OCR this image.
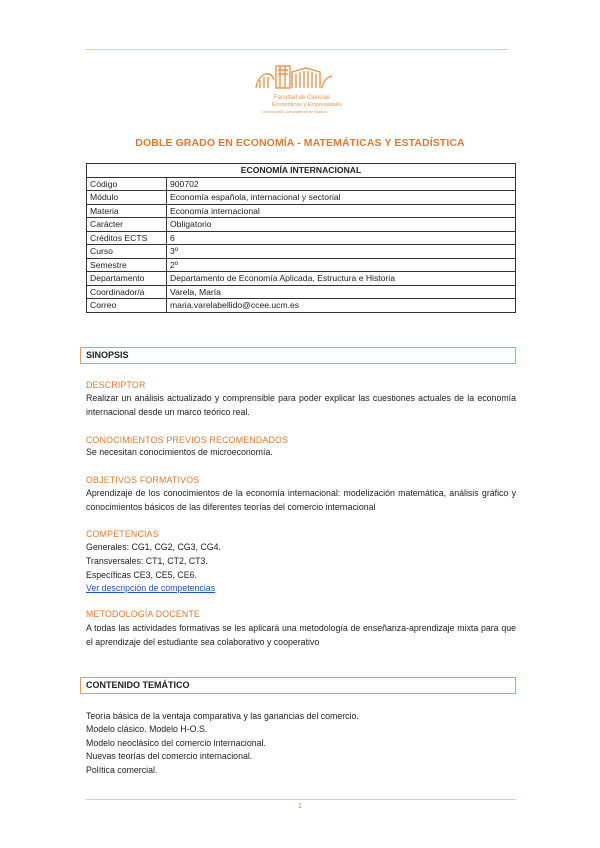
Facultad de Ciencias
Económicas y Empresariales
Universidad Complutense de Madrid
DOBLE GRADO EN ECONOMÍA - MATEMÁTICAS Y ESTADÍSTICA
ECONOMÍA INTERNACIONAL	
Código	900702
Módulo	Economía española, internacional y sectorial
Materia	Economía internacional
Carácter	Obligatorio
Créditos ECTS	6
Curso	3º
Semestre	2º
Departamento	Departamento de Economía Aplicada, Estructura e Historia
Coordinador/a	Varela, María
Correo	maria.varelabellido@ccee.ucm.es
SINOPSIS
DESCRIPTOR
Realizar un análisis actualizado y comprensible para poder explicar las cuestiones actuales de la economía internacional desde un marco teórico real.
CONOCIMIENTOS PREVIOS RECOMENDADOS
Se necesitan conocimientos de microeconomía.
OBJETIVOS FORMATIVOS
Aprendizaje de los conocimientos de la economía internacional: modelización matemática, análisis gráfico y conocimientos básicos de las diferentes teorías del comercio internacional
COMPETENCIAS
Generales: CG1, CG2, CG3, CG4.
Transversales: CT1, CT2, CT3.
Específicas CE3, CE5, CE6.
Ver descripción de competencias
METODOLOGÍA DOCENTE
A todas las actividades formativas se les aplicará una metodología de enseñanza-aprendizaje mixta para que el aprendizaje del estudiante sea colaborativo y cooperativo
CONTENIDO TEMÁTICO
Teoría básica de la ventaja comparativa y las ganancias del comercio.
Modelo clásico. Modelo H-O.S.
Modelo neoclásico del comercio internacional.
Nuevas teorías del comercio internacional.
Política comercial.
1
